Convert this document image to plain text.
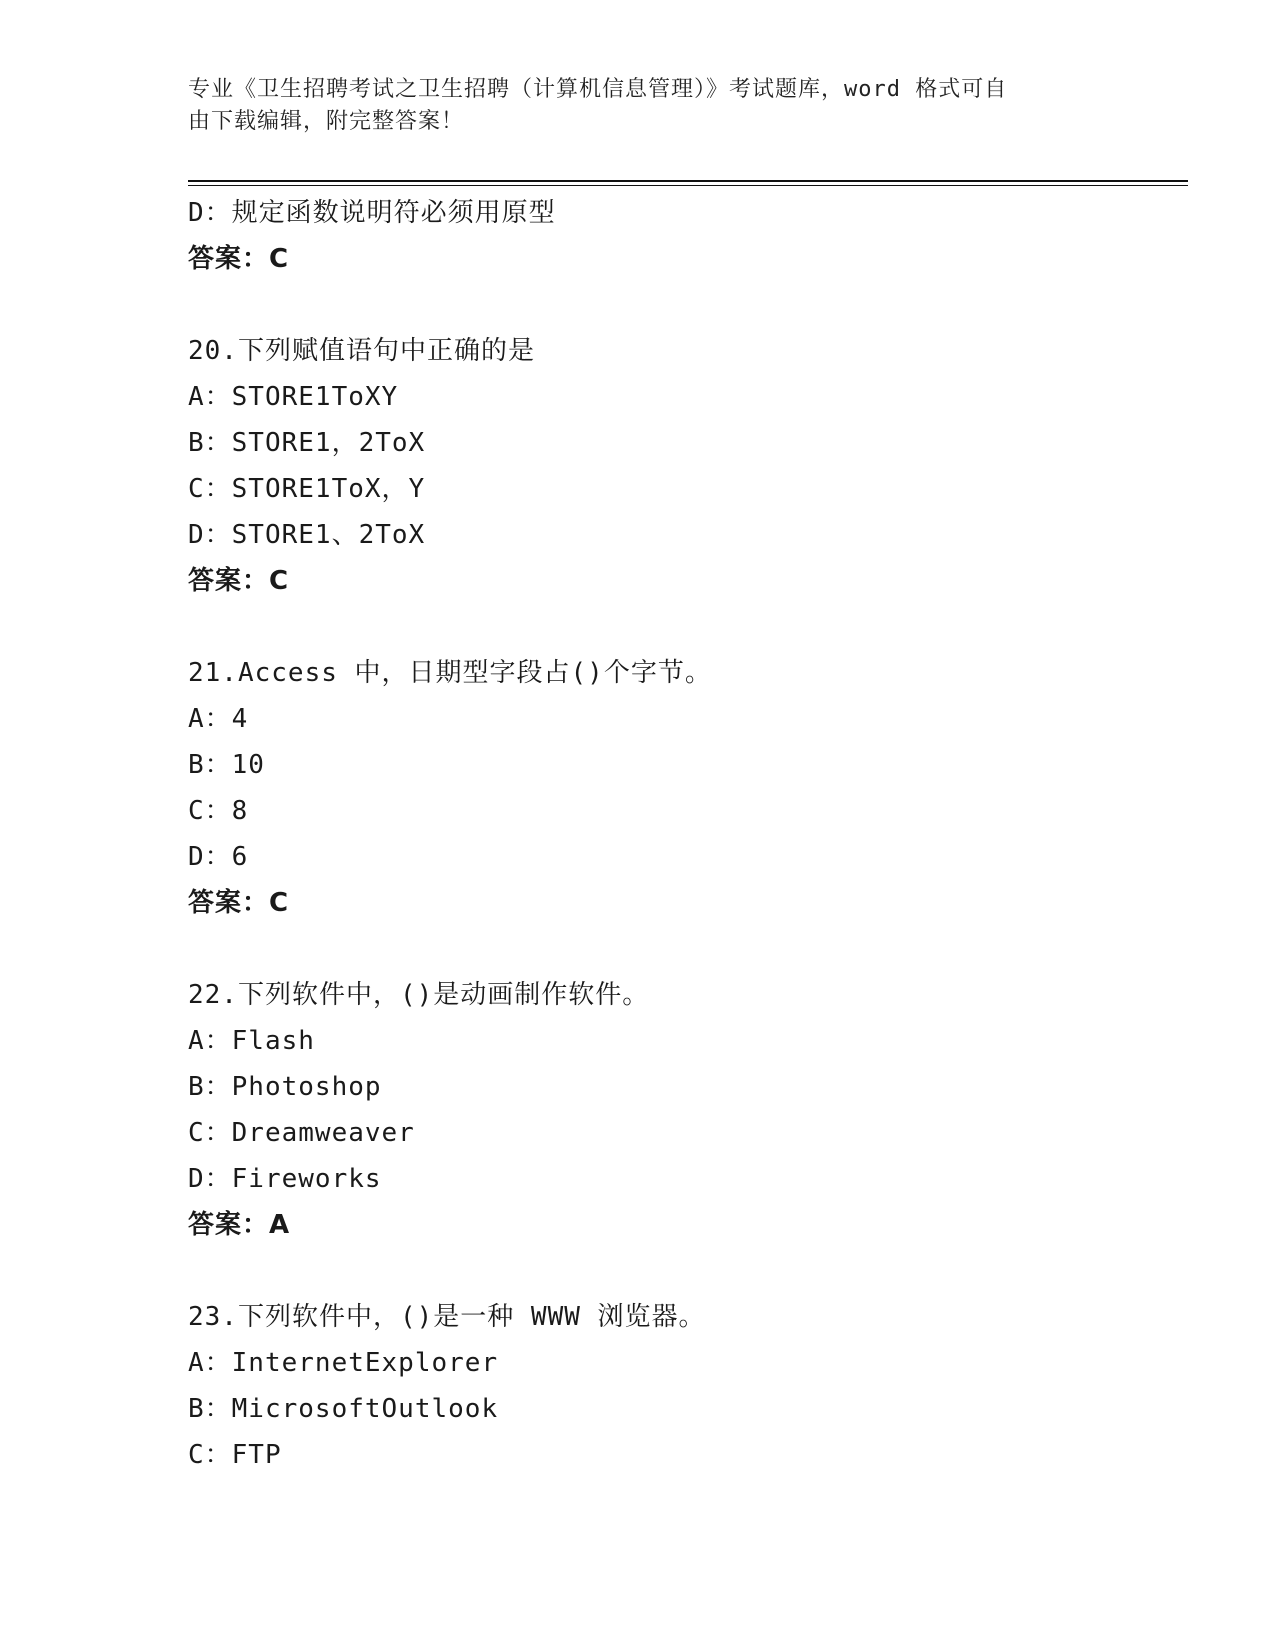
专业《卫生招聘考试之卫生招聘（计算机信息管理）》考试题库，word 格式可自
由下载编辑，附完整答案！
D：规定函数说明符必须用原型
答案：C
20.下列赋值语句中正确的是
A：STORE1ToXY
B：STORE1，2ToX
C：STORE1ToX，Y
D：STORE1、2ToX
答案：C
21.Access 中，日期型字段占()个字节。
A：4
B：10
C：8
D：6
答案：C
22.下列软件中，()是动画制作软件。
A：Flash
B：Photoshop
C：Dreamweaver
D：Fireworks
答案：A
23.下列软件中，()是一种 WWW 浏览器。
A：InternetExplorer
B：MicrosoftOutlook
C：FTP
